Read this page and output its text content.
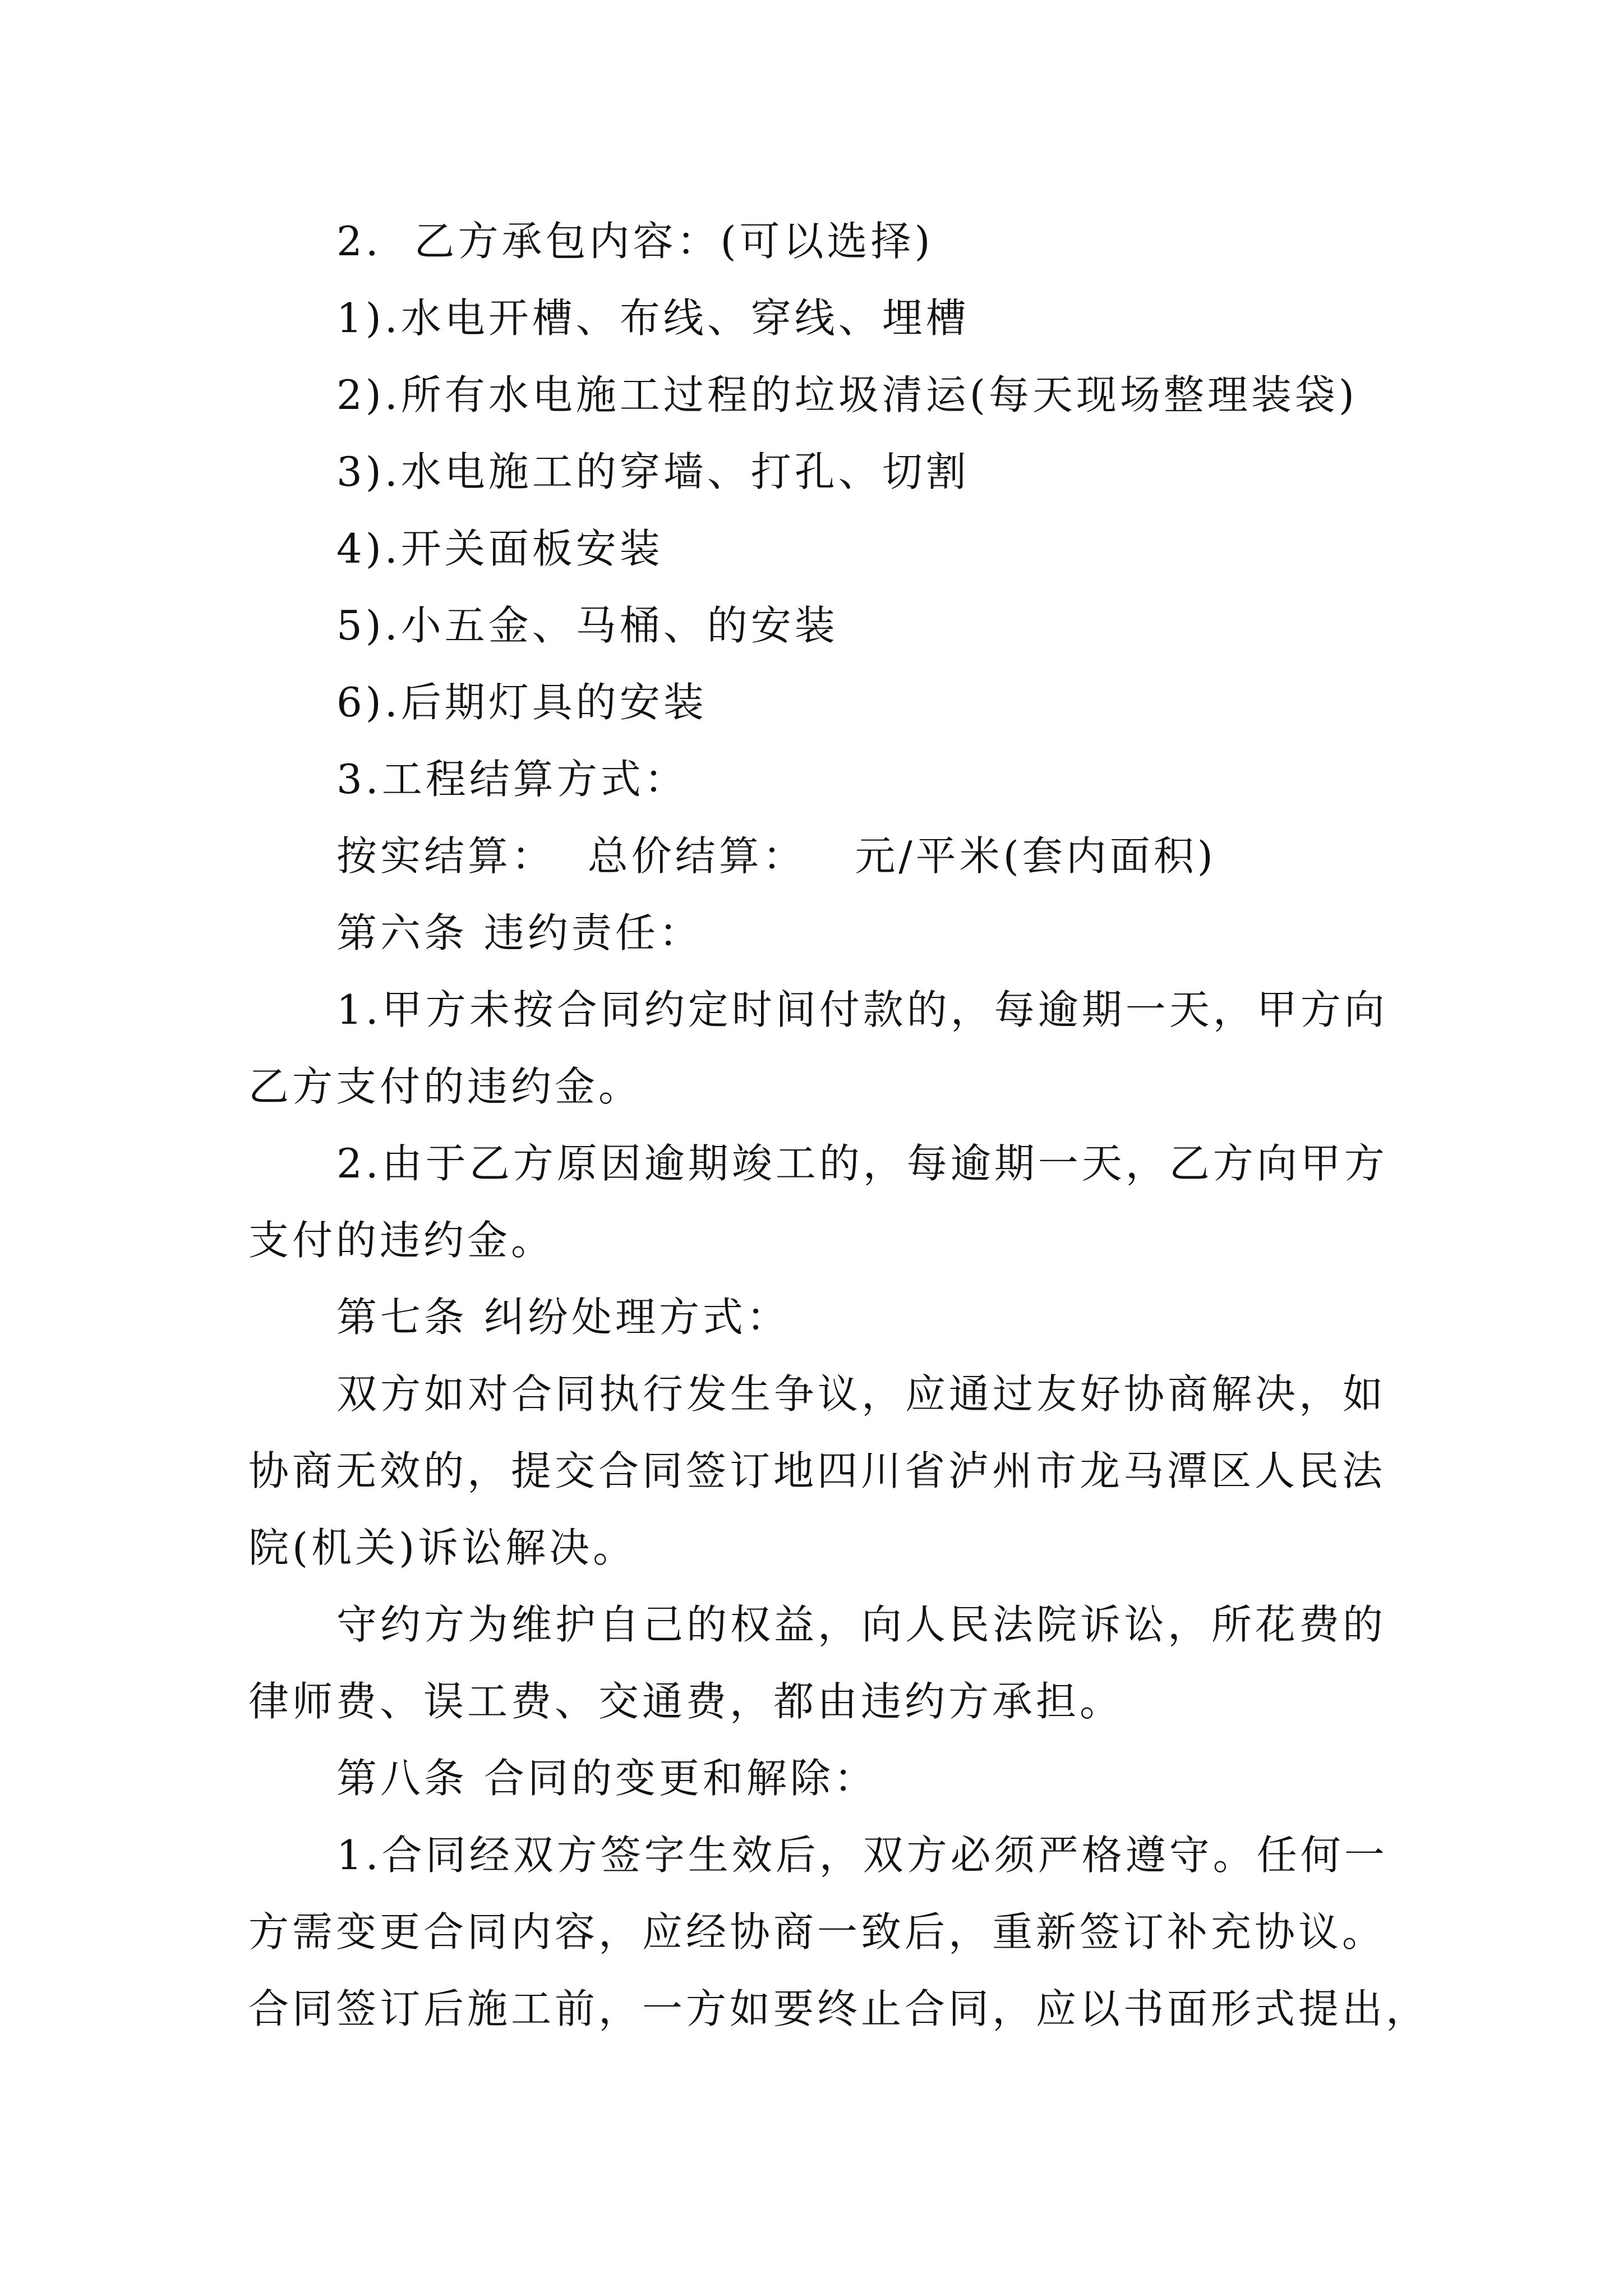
2.  乙方承包内容：(可以选择)
1).水电开槽、布线、穿线、埋槽
2).所有水电施工过程的垃圾清运(每天现场整理装袋)
3).水电施工的穿墙、打孔、切割
4).开关面板安装
5).小五金、马桶、的安装
6).后期灯具的安装
3.工程结算方式：
按实结算：  总价结算：   元/平米(套内面积)
第六条 违约责任：
1.甲方未按合同约定时间付款的，每逾期一天，甲方向
乙方支付的违约金。
2.由于乙方原因逾期竣工的，每逾期一天，乙方向甲方
支付的违约金。
第七条 纠纷处理方式：
双方如对合同执行发生争议，应通过友好协商解决，如
协商无效的，提交合同签订地四川省泸州市龙马潭区人民法
院(机关)诉讼解决。
守约方为维护自己的权益，向人民法院诉讼，所花费的
律师费、误工费、交通费，都由违约方承担。
第八条 合同的变更和解除：
1.合同经双方签字生效后，双方必须严格遵守。任何一
方需变更合同内容，应经协商一致后，重新签订补充协议。
合同签订后施工前，一方如要终止合同，应以书面形式提出，
